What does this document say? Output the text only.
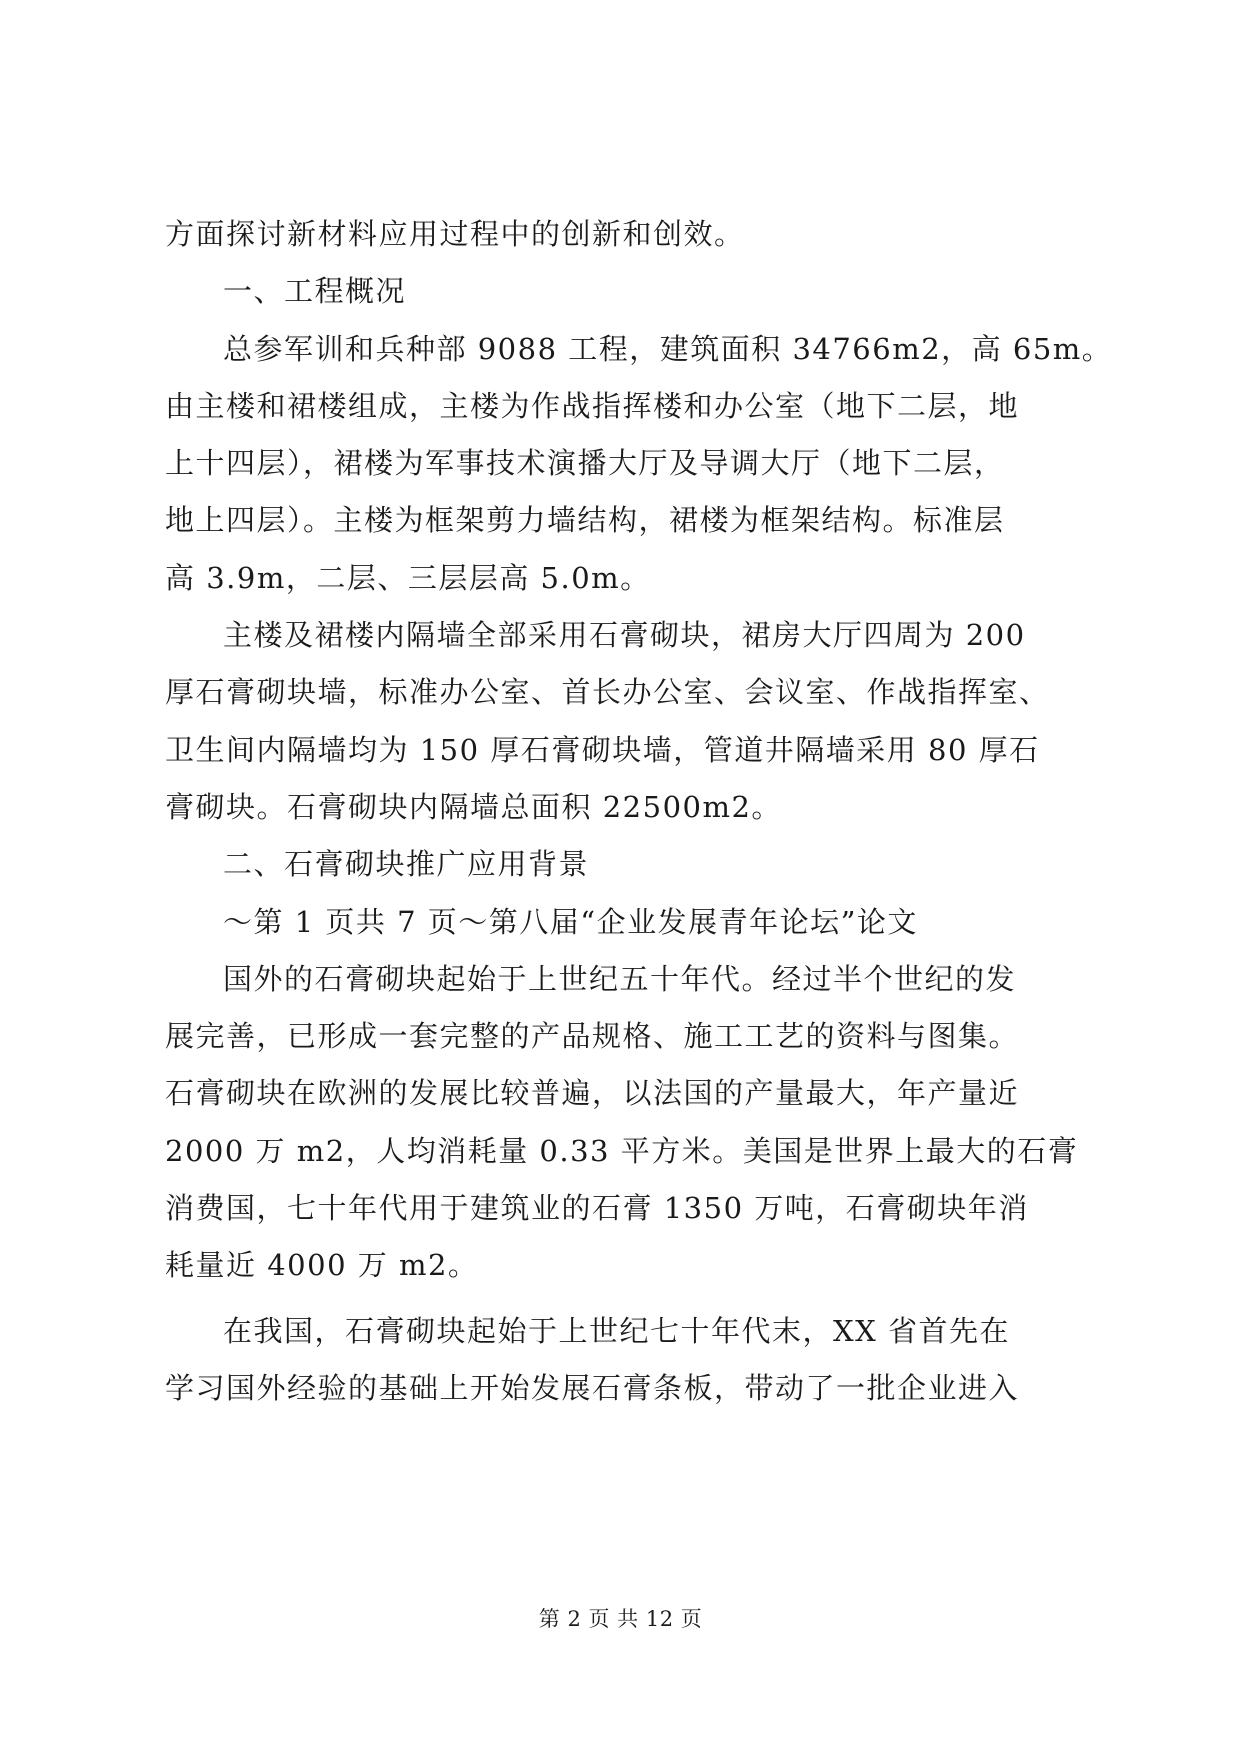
方面探讨新材料应用过程中的创新和创效。

一、工程概况

总参军训和兵种部 9088 工程，建筑面积 34766m2，高 65m。

由主楼和裙楼组成，主楼为作战指挥楼和办公室（地下二层，地

上十四层），裙楼为军事技术演播大厅及导调大厅（地下二层，

地上四层）。主楼为框架剪力墙结构，裙楼为框架结构。标准层

高 3.9m，二层、三层层高 5.0m。

主楼及裙楼内隔墙全部采用石膏砌块，裙房大厅四周为 200

厚石膏砌块墙，标准办公室、首长办公室、会议室、作战指挥室、

卫生间内隔墙均为 150 厚石膏砌块墙，管道井隔墙采用 80 厚石

膏砌块。石膏砌块内隔墙总面积 22500m2。

二、石膏砌块推广应用背景

～第 1 页共 7 页～第八届“企业发展青年论坛”论文

国外的石膏砌块起始于上世纪五十年代。经过半个世纪的发

展完善，已形成一套完整的产品规格、施工工艺的资料与图集。

石膏砌块在欧洲的发展比较普遍，以法国的产量最大，年产量近

2000 万 m2，人均消耗量 0.33 平方米。美国是世界上最大的石膏

消费国，七十年代用于建筑业的石膏 1350 万吨，石膏砌块年消

耗量近 4000 万 m2。

在我国，石膏砌块起始于上世纪七十年代末，XX 省首先在

学习国外经验的基础上开始发展石膏条板，带动了一批企业进入

第 2 页 共 12 页
